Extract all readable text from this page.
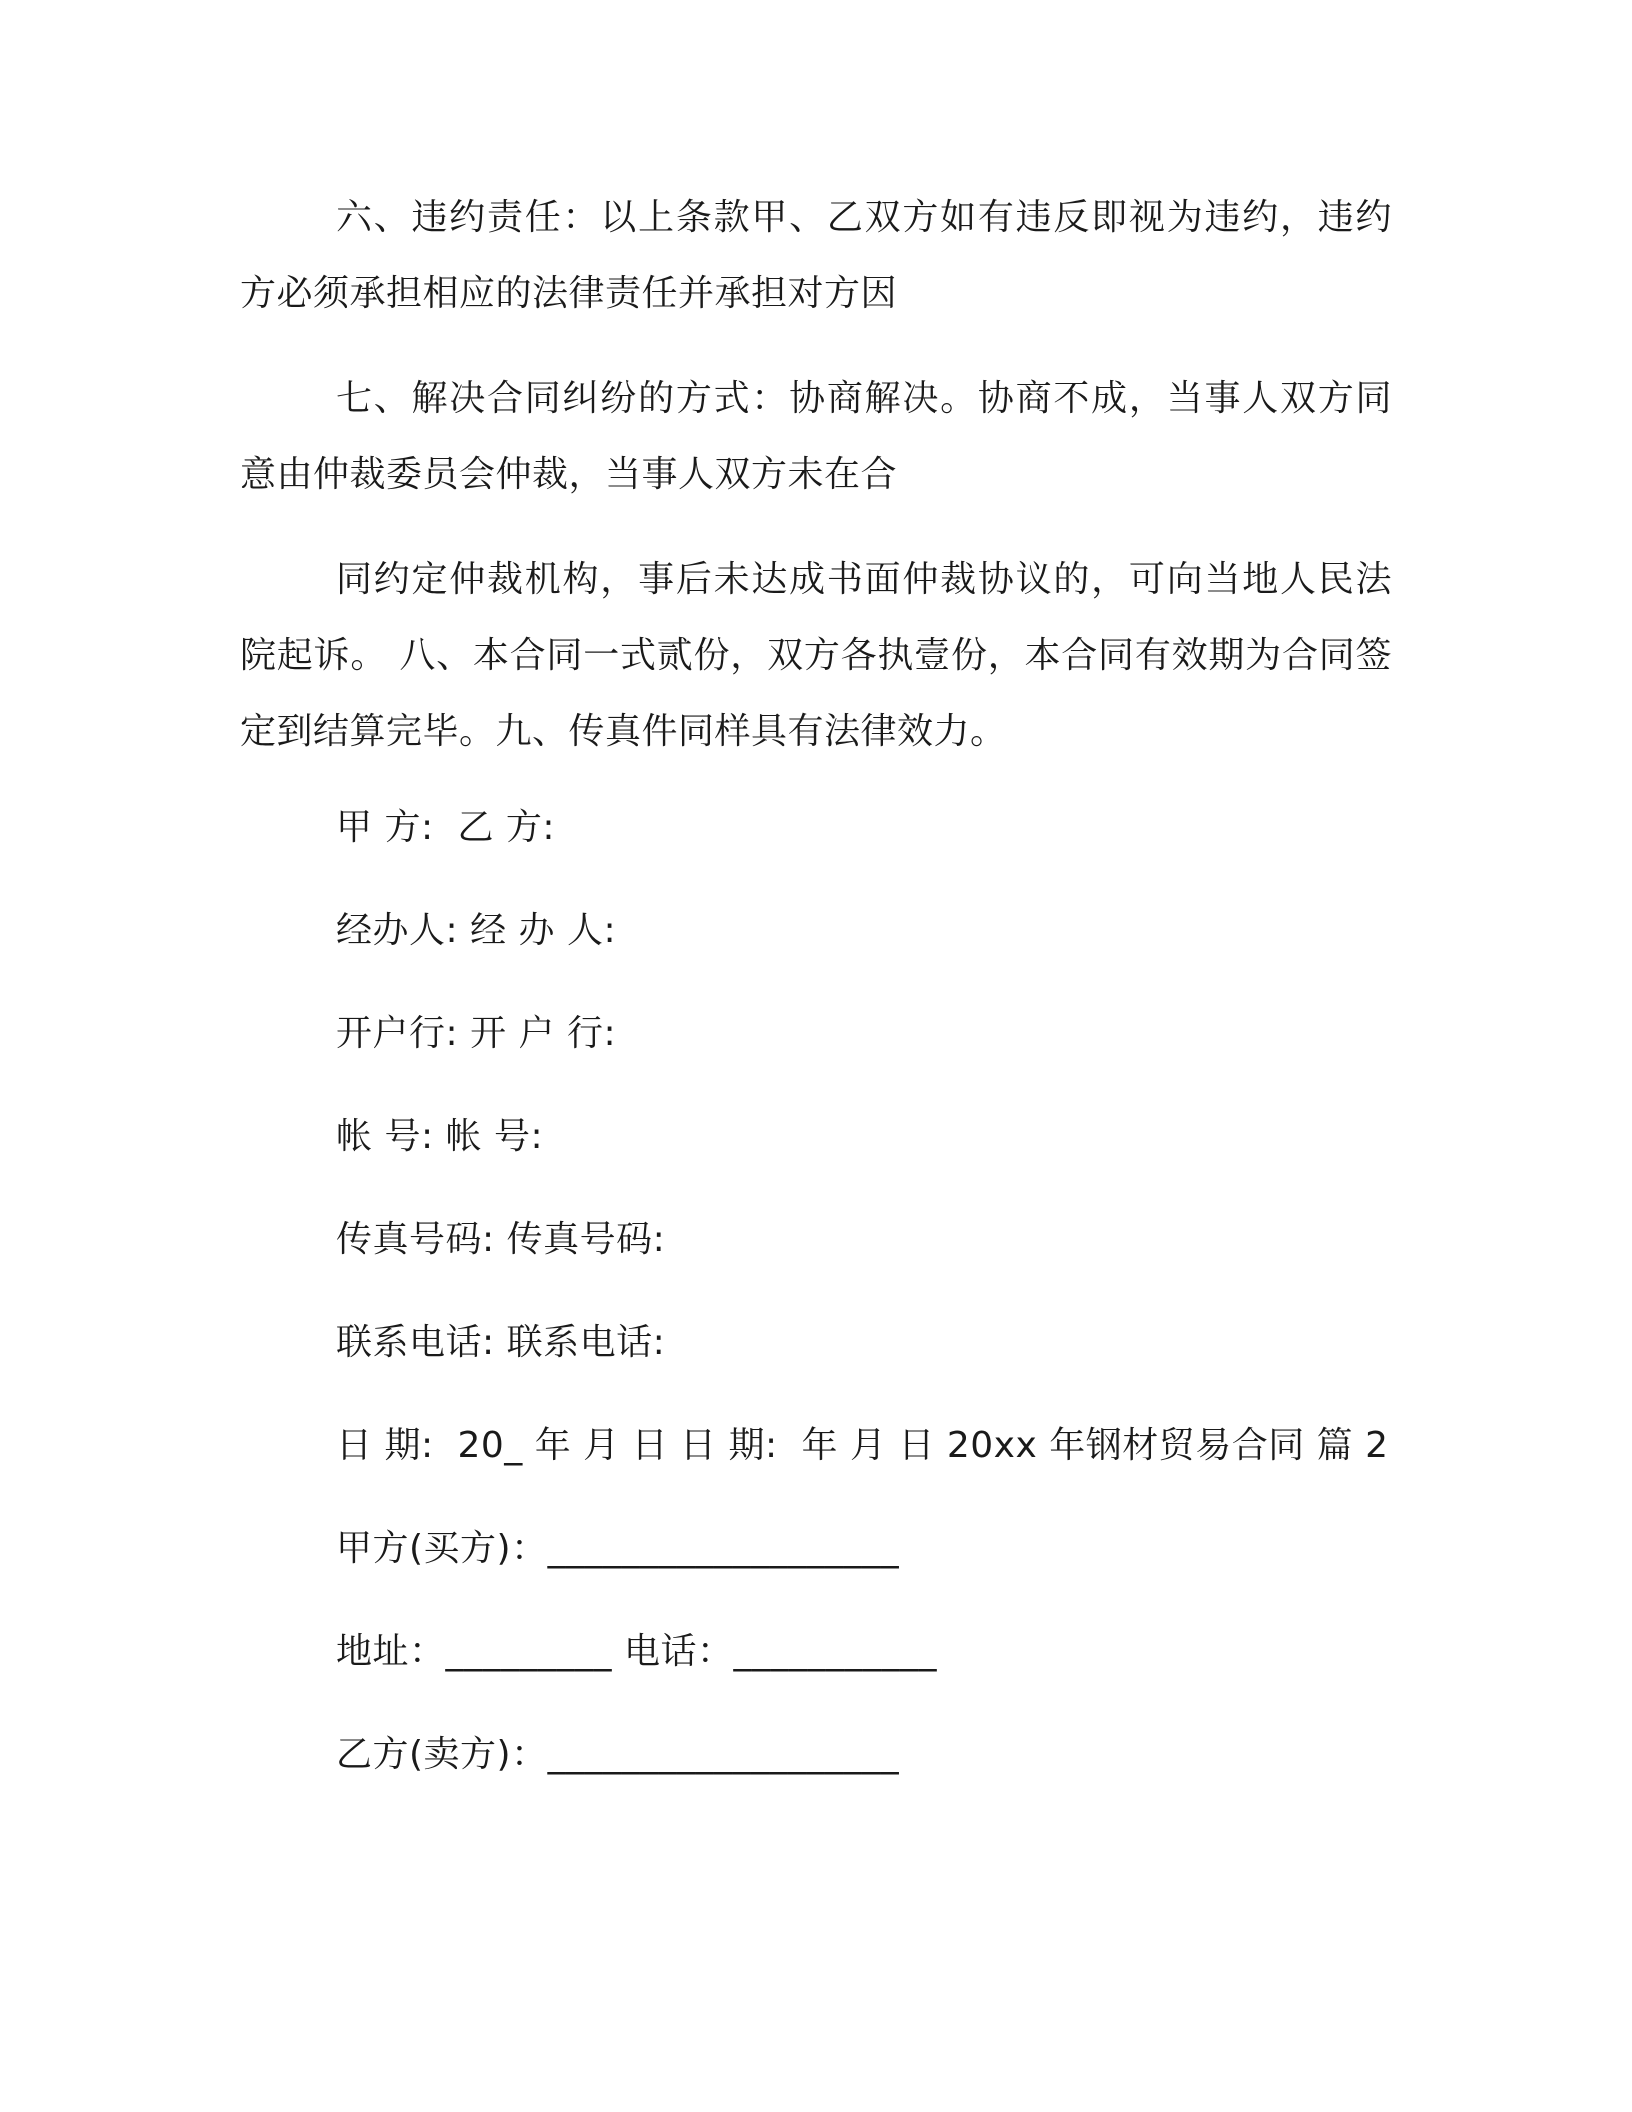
六、违约责任：以上条款甲、乙双方如有违反即视为违约，违约方必须承担相应的法律责任并承担对方因

七、解决合同纠纷的方式：协商解决。协商不成，当事人双方同意由仲裁委员会仲裁，当事人双方未在合

同约定仲裁机构，事后未达成书面仲裁协议的，可向当地人民法院起诉。 八、本合同一式贰份，双方各执壹份，本合同有效期为合同签定到结算完毕。九、传真件同样具有法律效力。

甲 方:  乙 方:

经办人: 经 办 人:

开户行: 开 户 行:

帐 号: 帐 号:

传真号码: 传真号码:

联系电话: 联系电话:

日 期:  20_ 年 月 日 日 期:  年 月 日 20xx 年钢材贸易合同 篇 2

甲方(买方)：___________________

地址：_________ 电话：___________

乙方(卖方)：___________________
